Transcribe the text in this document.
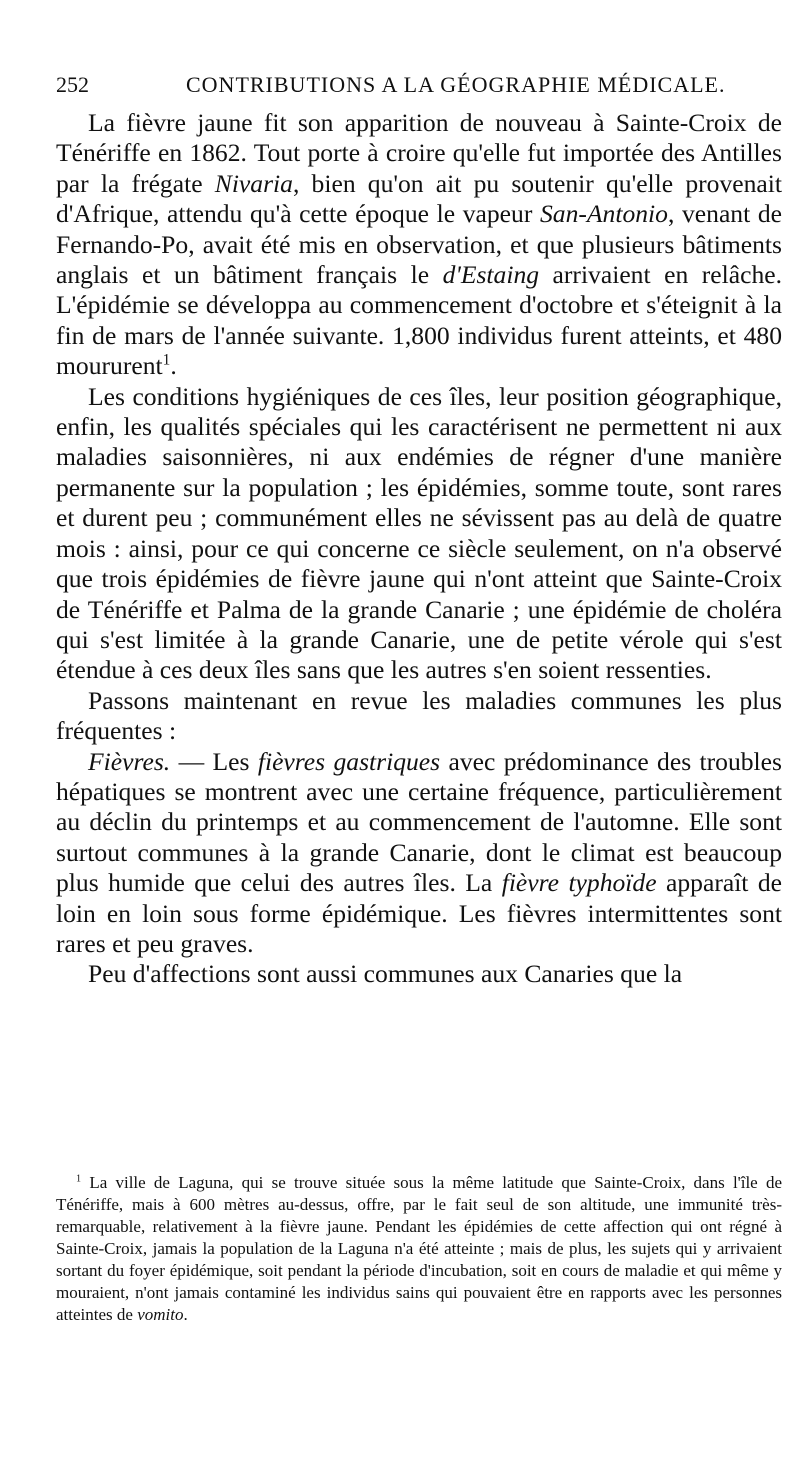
252	CONTRIBUTIONS A LA GÉOGRAPHIE MÉDICALE.

La fièvre jaune fit son apparition de nouveau à Sainte-Croix de Ténériffe en 1862. Tout porte à croire qu'elle fut importée des Antilles par la frégate Nivaria, bien qu'on ait pu soutenir qu'elle provenait d'Afrique, attendu qu'à cette époque le vapeur San-Antonio, venant de Fernando-Po, avait été mis en observation, et que plusieurs bâtiments anglais et un bâtiment français le d'Estaing arrivaient en relâche. L'épidémie se développa au commencement d'octobre et s'éteignit à la fin de mars de l'année suivante. 1,800 individus furent atteints, et 480 moururent$^1$.

Les conditions hygiéniques de ces îles, leur position géographique, enfin, les qualités spéciales qui les caractérisent ne permettent ni aux maladies saisonnières, ni aux endémies de régner d'une manière permanente sur la population ; les épidémies, somme toute, sont rares et durent peu ; communément elles ne sévissent pas au delà de quatre mois : ainsi, pour ce qui concerne ce siècle seulement, on n'a observé que trois épidémies de fièvre jaune qui n'ont atteint que Sainte-Croix de Ténériffe et Palma de la grande Canarie ; une épidémie de choléra qui s'est limitée à la grande Canarie, une de petite vérole qui s'est étendue à ces deux îles sans que les autres s'en soient ressenties.

Passons maintenant en revue les maladies communes les plus fréquentes :

Fièvres. — Les fièvres gastriques avec prédominance des troubles hépatiques se montrent avec une certaine fréquence, particulièrement au déclin du printemps et au commencement de l'automne. Elle sont surtout communes à la grande Canarie, dont le climat est beaucoup plus humide que celui des autres îles. La fièvre typhoïde apparaît de loin en loin sous forme épidémique. Les fièvres intermittentes sont rares et peu graves.

Peu d'affections sont aussi communes aux Canaries que la

$^1$ La ville de Laguna, qui se trouve située sous la même latitude que Sainte-Croix, dans l'île de Ténériffe, mais à 600 mètres au-dessus, offre, par le fait seul de son altitude, une immunité très-remarquable, relativement à la fièvre jaune. Pendant les épidémies de cette affection qui ont régné à Sainte-Croix, jamais la population de la Laguna n'a été atteinte ; mais de plus, les sujets qui y arrivaient sortant du foyer épidémique, soit pendant la période d'incubation, soit en cours de maladie et qui même y mouraient, n'ont jamais contaminé les individus sains qui pouvaient être en rapports avec les personnes atteintes de vomito.
